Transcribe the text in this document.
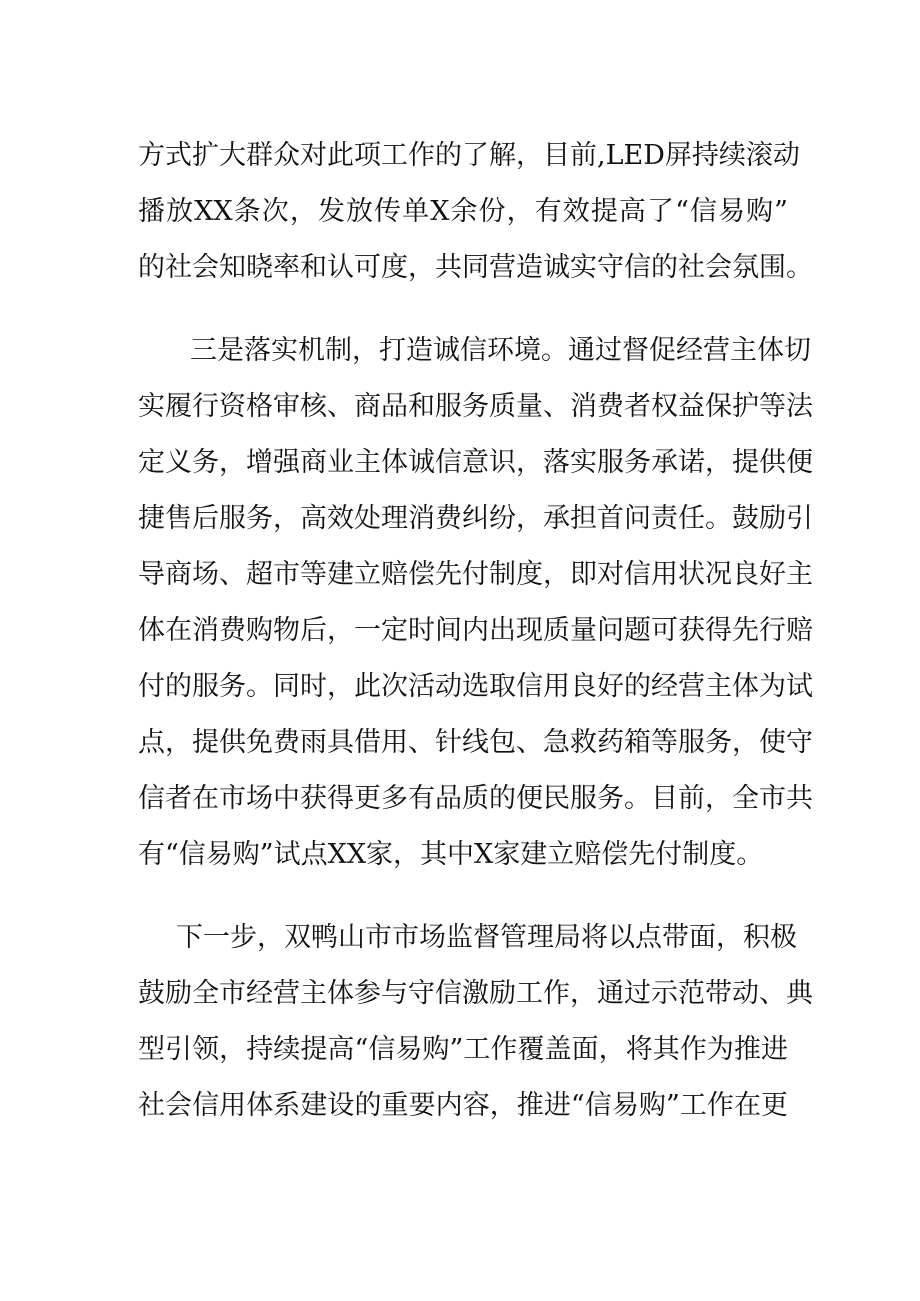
方式扩大群众对此项工作的了解，目前,LED屏持续滚动
播放XX条次，发放传单X余份，有效提高了“信易购”
的社会知晓率和认可度，共同营造诚实守信的社会氛围。
三是落实机制，打造诚信环境。通过督促经营主体切
实履行资格审核、商品和服务质量、消费者权益保护等法
定义务，增强商业主体诚信意识，落实服务承诺，提供便
捷售后服务，高效处理消费纠纷，承担首问责任。鼓励引
导商场、超市等建立赔偿先付制度，即对信用状况良好主
体在消费购物后，一定时间内出现质量问题可获得先行赔
付的服务。同时，此次活动选取信用良好的经营主体为试
点，提供免费雨具借用、针线包、急救药箱等服务，使守
信者在市场中获得更多有品质的便民服务。目前，全市共
有“信易购”试点XX家，其中X家建立赔偿先付制度。
下一步，双鸭山市市场监督管理局将以点带面，积极
鼓励全市经营主体参与守信激励工作，通过示范带动、典
型引领，持续提高“信易购”工作覆盖面，将其作为推进
社会信用体系建设的重要内容，推进“信易购”工作在更
